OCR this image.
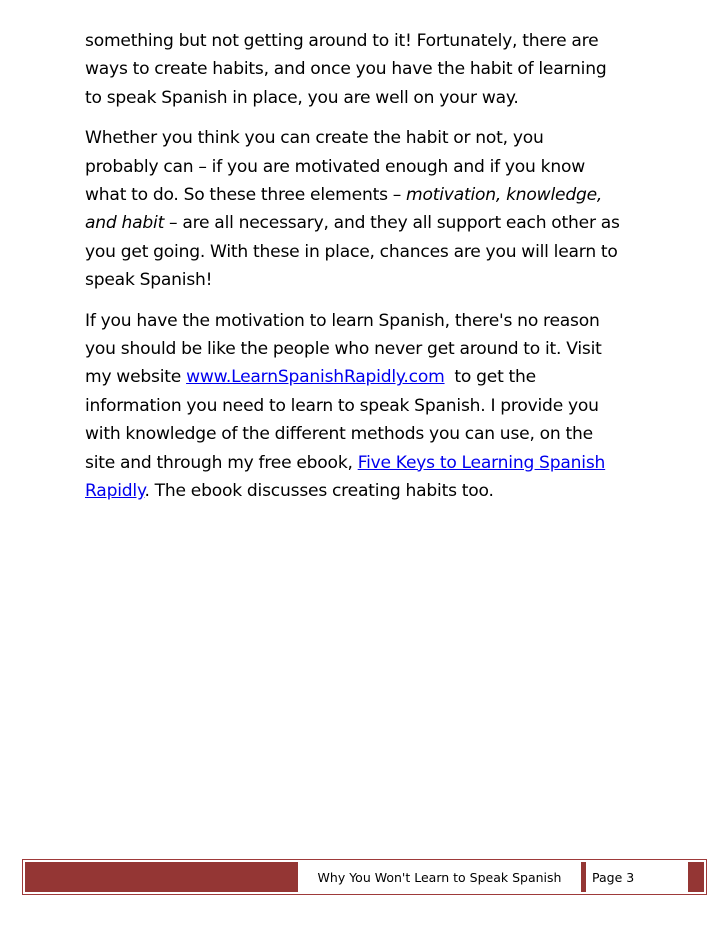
something but not getting around to it! Fortunately, there are
ways to create habits, and once you have the habit of learning
to speak Spanish in place, you are well on your way.

Whether you think you can create the habit or not, you
probably can – if you are motivated enough and if you know
what to do. So these three elements – motivation, knowledge,
and habit – are all necessary, and they all support each other as
you get going. With these in place, chances are you will learn to
speak Spanish!

If you have the motivation to learn Spanish, there's no reason
you should be like the people who never get around to it. Visit
my website www.LearnSpanishRapidly.com  to get the
information you need to learn to speak Spanish. I provide you
with knowledge of the different methods you can use, on the
site and through my free ebook, Five Keys to Learning Spanish
Rapidly. The ebook discusses creating habits too.

Why You Won't Learn to Speak Spanish	Page 3
